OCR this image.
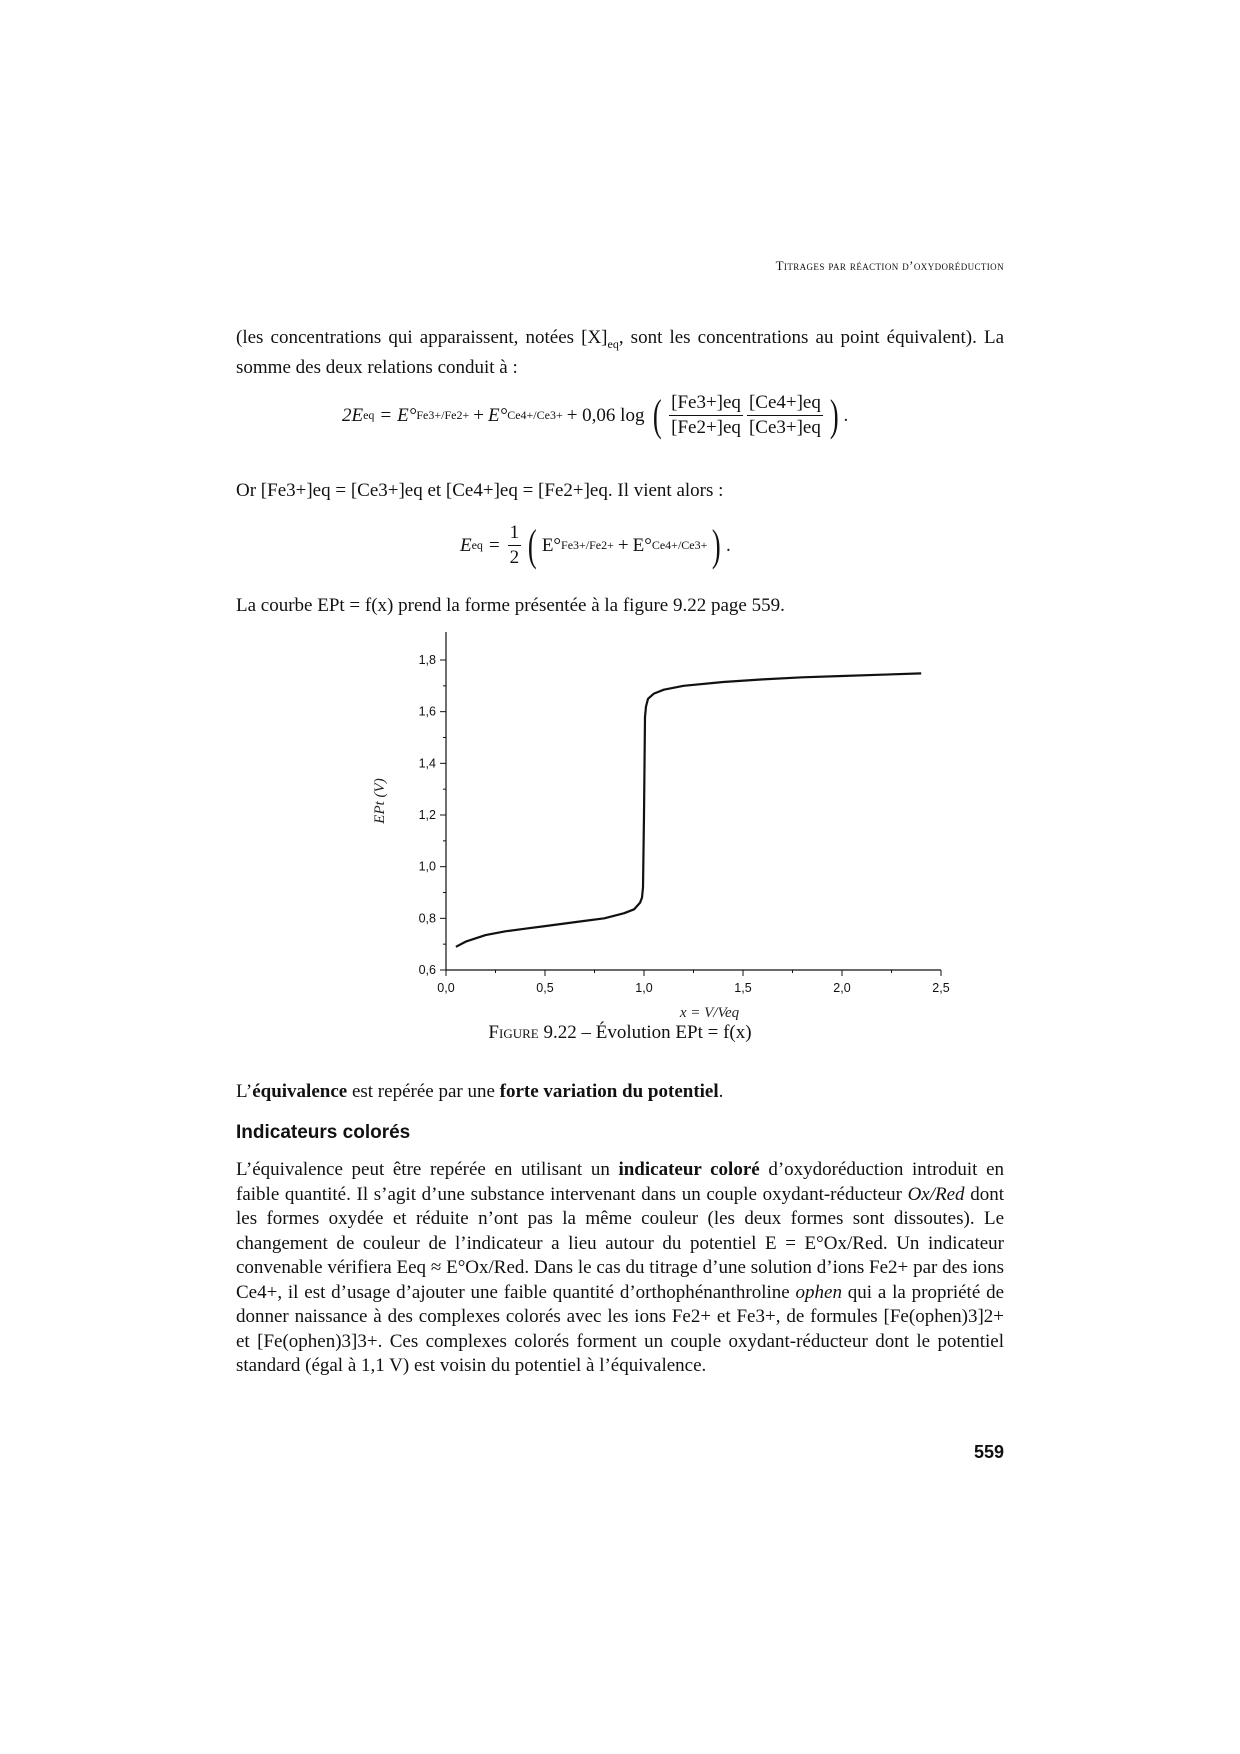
Titrages par réaction d’oxydoréduction
(les concentrations qui apparaissent, notées $[X]_{eq}$, sont les concentrations au point équivalent). La somme des deux relations conduit à :
2E eq = E° Fe3+/Fe2+ + E° Ce4+/Ce3+ + 0,06 log ( $\frac{[Fe3+]eq}{[Fe2+]eq} \frac{[Ce4+]eq}{[Ce3+]eq}$ ) .
Or [Fe3+]eq = [Ce3+]eq et [Ce4+]eq = [Fe2+]eq. Il vient alors :
E eq = $\frac{1}{2}$ ( E° Fe3+/Fe2+ + E° Ce4+/Ce3+ ) .
La courbe EPt = f(x) prend la forme présentée à la figure 9.22 page 559.
0,6
0,8
1,0
1,2
1,4
1,6
1,8
0,0	0,5	1,0	1,5	2,0	2,5
x = V/Veq
EPt (V)
Figure 9.22 – Évolution EPt = f(x)
L’équivalence est repérée par une forte variation du potentiel.
Indicateurs colorés
L’équivalence peut être repérée en utilisant un indicateur coloré d’oxydoréduction introduit en faible quantité. Il s’agit d’une substance intervenant dans un couple oxydant-réducteur Ox/Red dont les formes oxydée et réduite n’ont pas la même couleur (les deux formes sont dissoutes). Le changement de couleur de l’indicateur a lieu autour du potentiel E = E°Ox/Red. Un indicateur convenable vérifiera Eeq ≈ E°Ox/Red. Dans le cas du titrage d’une solution d’ions Fe2+ par des ions Ce4+, il est d’usage d’ajouter une faible quantité d’orthophénanthroline ophen qui a la propriété de donner naissance à des complexes colorés avec les ions Fe2+ et Fe3+, de formules [Fe(ophen)3]2+ et [Fe(ophen)3]3+. Ces complexes colorés forment un couple oxydant-réducteur dont le potentiel standard (égal à 1,1 V) est voisin du potentiel à l’équivalence.
559
